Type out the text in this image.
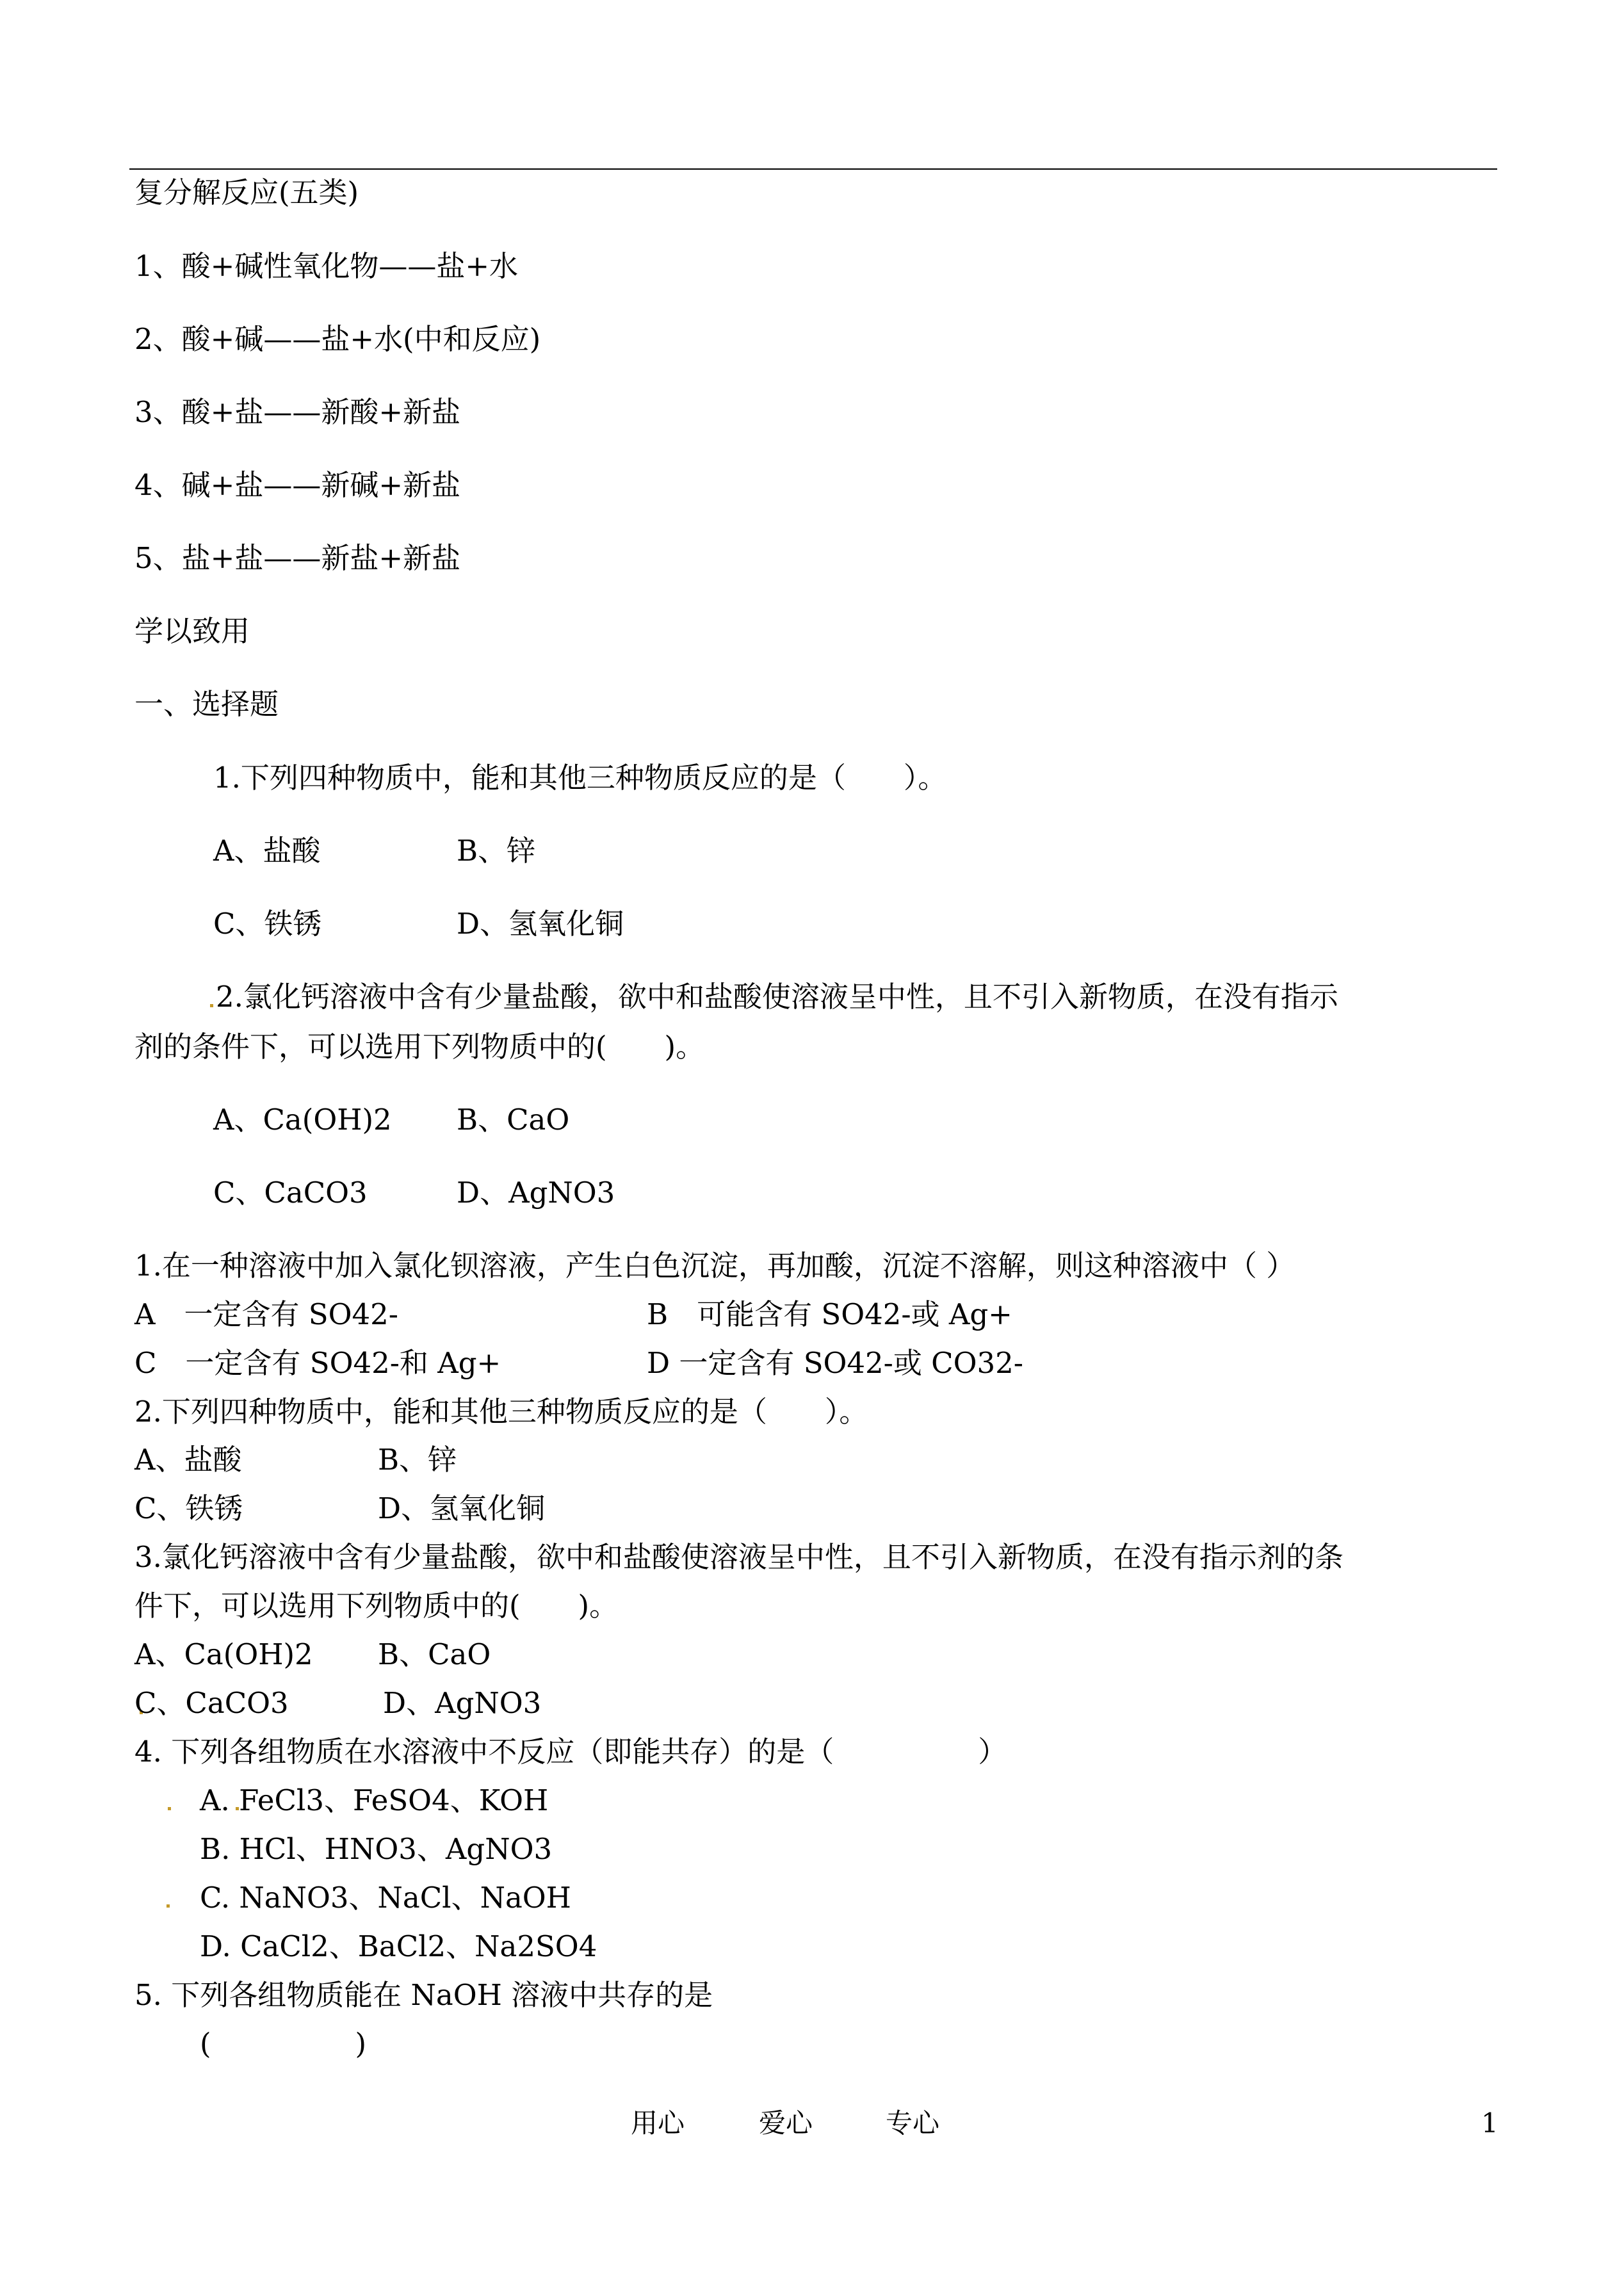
复分解反应(五类)
1、酸+碱性氧化物——盐+水
2、酸+碱——盐+水(中和反应)
3、酸+盐——新酸+新盐
4、碱+盐——新碱+新盐
5、盐+盐——新盐+新盐
学以致用
一、选择题
1.下列四种物质中，能和其他三种物质反应的是（　　）。
A、盐酸	B、锌
C、铁锈	D、氢氧化铜
2.氯化钙溶液中含有少量盐酸，欲中和盐酸使溶液呈中性，且不引入新物质，在没有指示
剂的条件下，可以选用下列物质中的(　　)。
A、Ca(OH)2 B、CaO
C、CaCO3	D、AgNO3
1.在一种溶液中加入氯化钡溶液，产生白色沉淀，再加酸，沉淀不溶解，则这种溶液中（ ）
A　一定含有 SO42-	B　可能含有 SO42-或 Ag+
C　一定含有 SO42-和 Ag+	D 一定含有 SO42-或 CO32-
2.下列四种物质中，能和其他三种物质反应的是（　　）。
A、盐酸	B、锌
C、铁锈	D、氢氧化铜
3.氯化钙溶液中含有少量盐酸，欲中和盐酸使溶液呈中性，且不引入新物质，在没有指示剂的条
件下，可以选用下列物质中的(　　)。
A、Ca(OH)2 B、CaO
C、CaCO3	D、AgNO3
4. 下列各组物质在水溶液中不反应（即能共存）的是（　　　　　）
A. FeCl3、FeSO4、KOH
B. HCl、HNO3、AgNO3
C. NaNO3、NaCl、NaOH
D. CaCl2、BaCl2、Na2SO4
5. 下列各组物质能在 NaOH 溶液中共存的是
(　　　　　)
用心	爱心	专心	1
